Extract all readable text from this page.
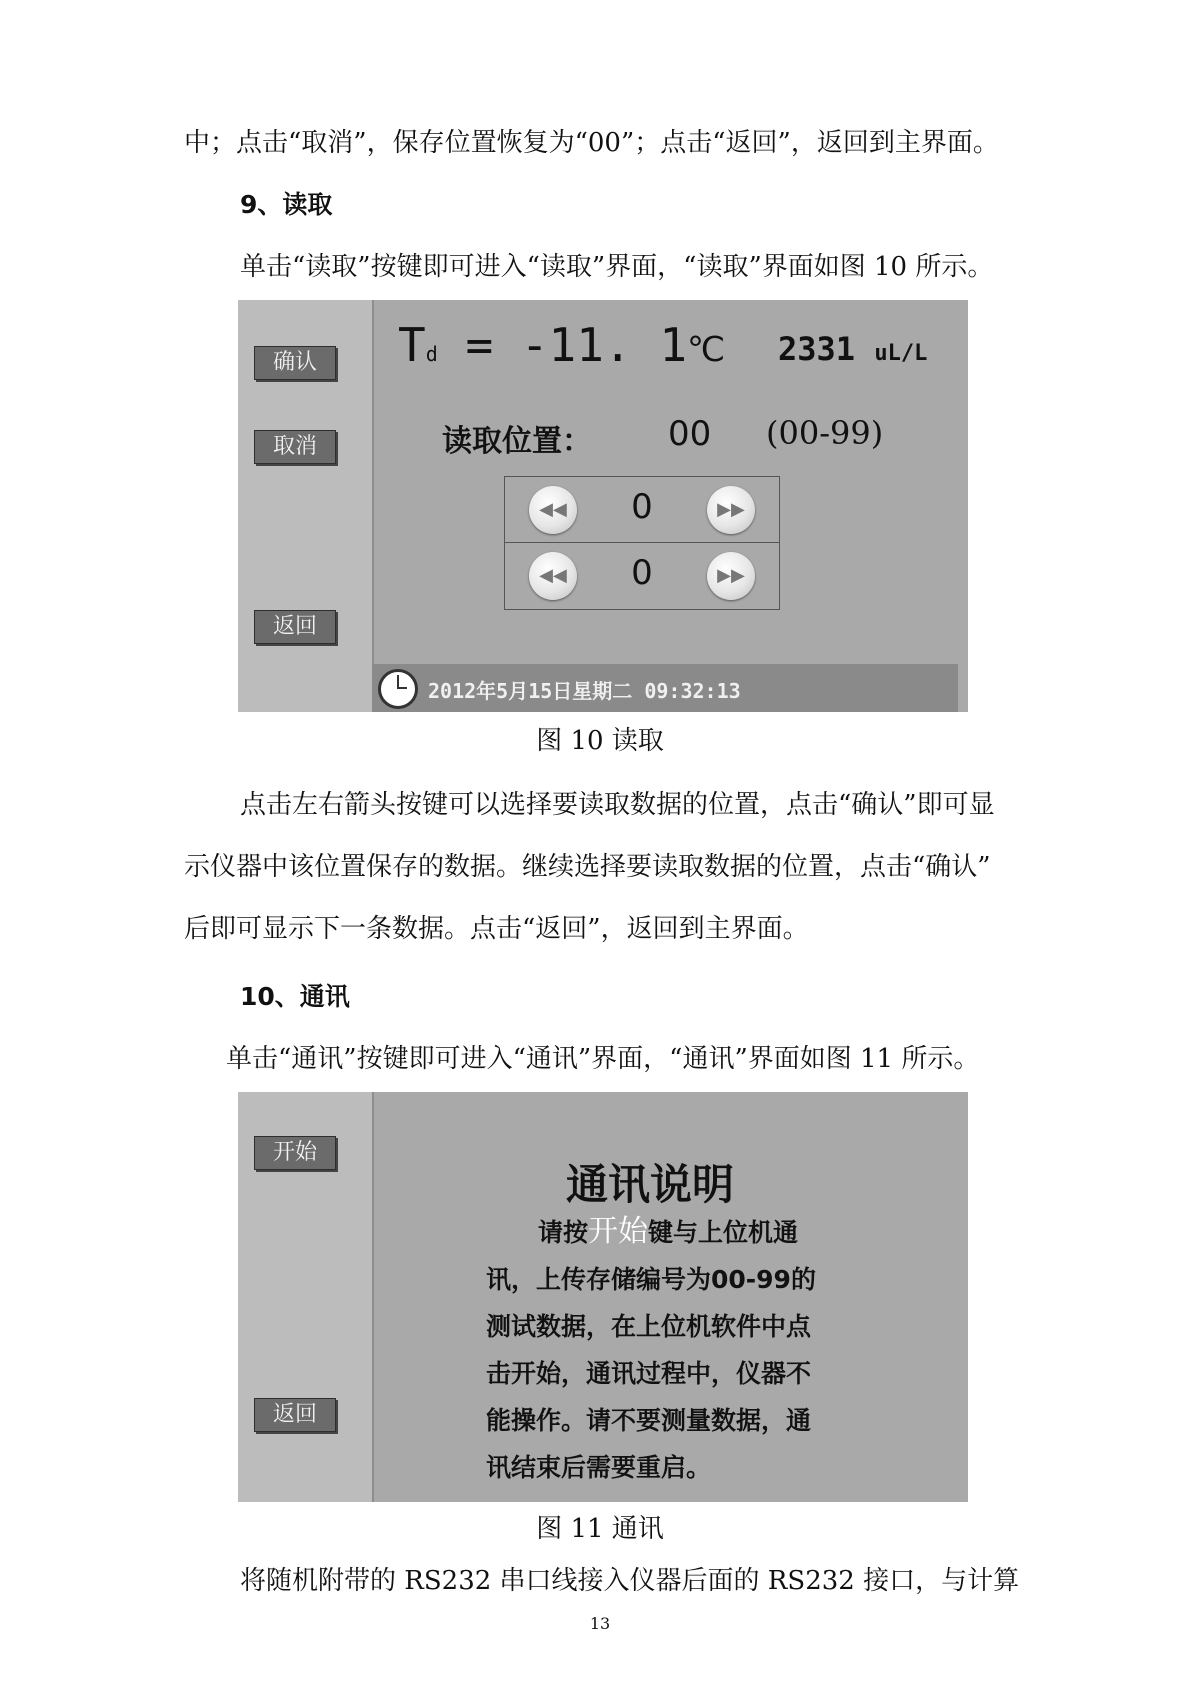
中；点击“取消”，保存位置恢复为“00”；点击“返回”，返回到主界面。
9、读取
单击“读取”按键即可进入“读取”界面，“读取”界面如图 10 所示。
确认
取消
返回
Td = -11. 1℃ 2331 uL/L
读取位置： 00 (00-99)
◀◀	0	▶▶
◀◀	0	▶▶
2012年5月15日星期二 09:32:13
图 10 读取
点击左右箭头按键可以选择要读取数据的位置，点击“确认”即可显
示仪器中该位置保存的数据。继续选择要读取数据的位置，点击“确认”
后即可显示下一条数据。点击“返回”，返回到主界面。
10、通讯
单击“通讯”按键即可进入“通讯”界面，“通讯”界面如图 11 所示。
开始
返回
通讯说明
请按开始键与上位机通
讯，上传存储编号为00-99的
测试数据，在上位机软件中点
击开始，通讯过程中，仪器不
能操作。请不要测量数据，通
讯结束后需要重启。
图 11 通讯
将随机附带的 RS232 串口线接入仪器后面的 RS232 接口，与计算
13
